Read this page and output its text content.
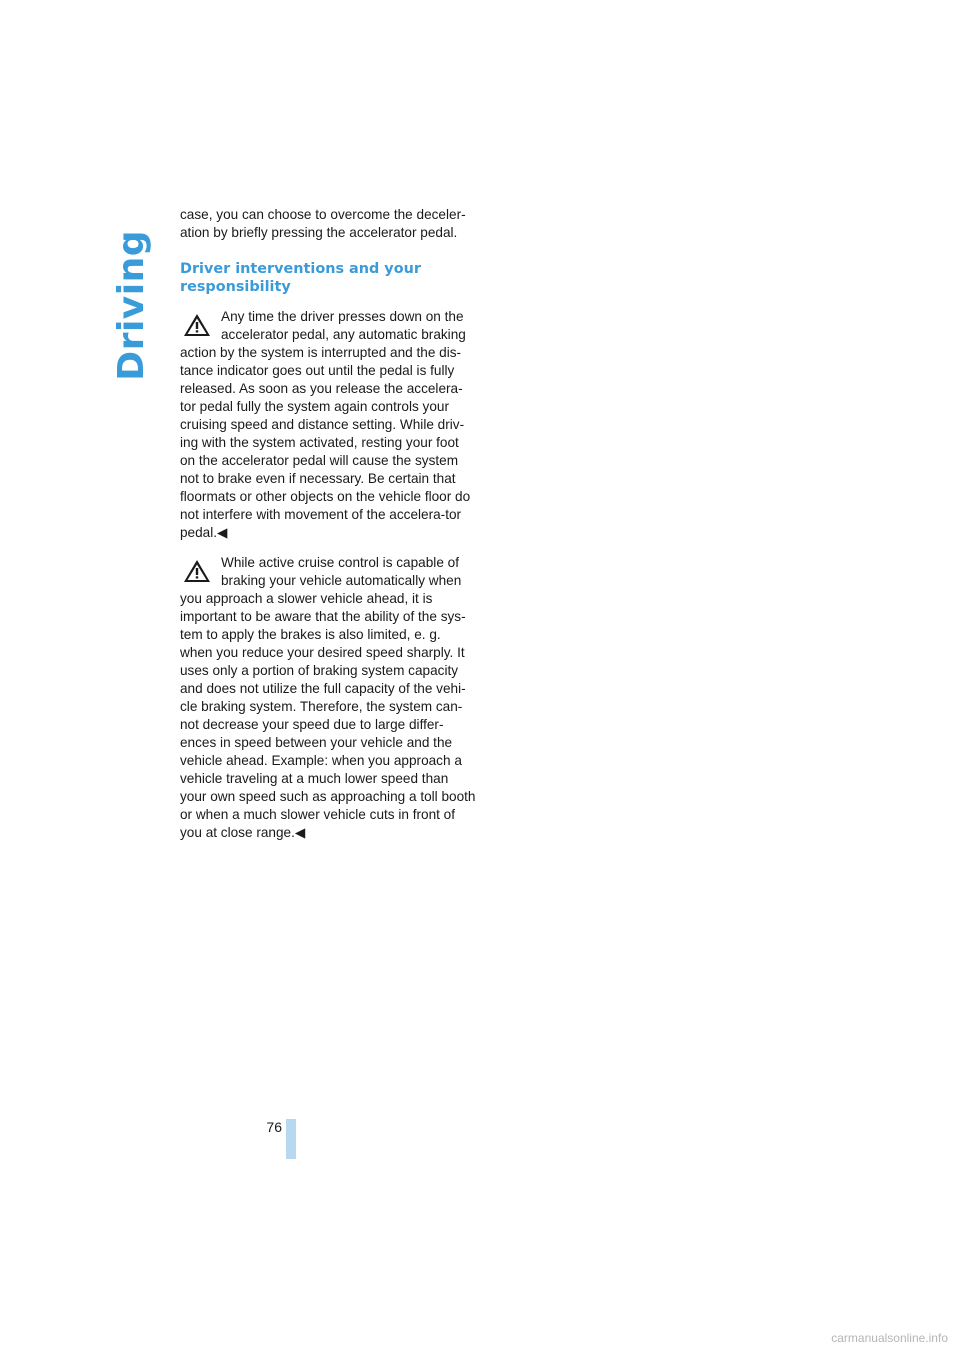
Driving

case, you can choose to overcome the deceler-ation by briefly pressing the accelerator pedal.

Driver interventions and your responsibility

Any time the driver presses down on the accelerator pedal, any automatic braking action by the system is interrupted and the dis-tance indicator goes out until the pedal is fully released. As soon as you release the accelera-tor pedal fully the system again controls your cruising speed and distance setting. While driv-ing with the system activated, resting your foot on the accelerator pedal will cause the system not to brake even if necessary. Be certain that floormats or other objects on the vehicle floor do not interfere with movement of the accelera-tor pedal.◀

While active cruise control is capable of braking your vehicle automatically when you approach a slower vehicle ahead, it is important to be aware that the ability of the sys-tem to apply the brakes is also limited, e. g. when you reduce your desired speed sharply. It uses only a portion of braking system capacity and does not utilize the full capacity of the vehi-cle braking system. Therefore, the system can-not decrease your speed due to large differ-ences in speed between your vehicle and the vehicle ahead. Example: when you approach a vehicle traveling at a much lower speed than your own speed such as approaching a toll booth or when a much slower vehicle cuts in front of you at close range.◀

76
carmanualsonline.info
